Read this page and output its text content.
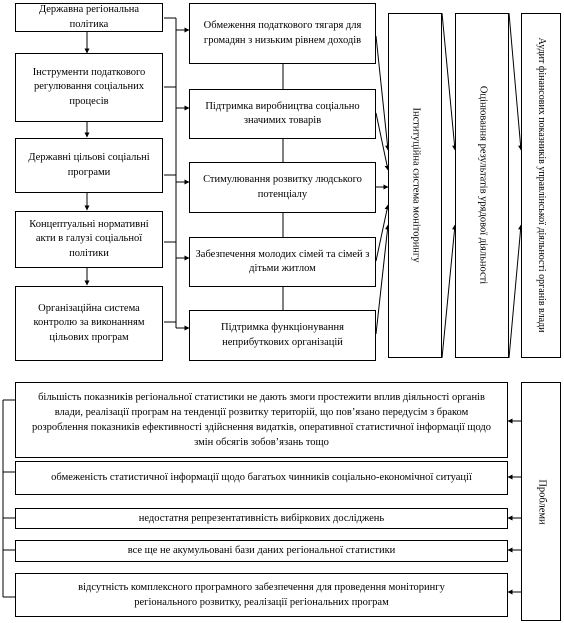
Державна регіональна політика
Інструменти податкового регулювання соціальних процесів
Державні цільові соціальні програми
Концептуальні нормативні акти в галузі соціальної політики
Організаційна система контролю за виконанням цільових програм
Обмеження податкового тягаря для громадян з низьким рівнем доходів
Підтримка виробництва соціально значимих товарів
Стимулювання розвитку людського потенціалу
Забезпечення молодих сімей та сімей з дітьми житлом
Підтримка функціонування неприбуткових організацій
Інституційна система моніторингу	Оцінювання результатів урядової діяльності	Аудит фінансових показників управлінської діяльності органів влади
Проблеми
більшість показників регіональної статистики не дають змоги простежити вплив діяльності органів влади, реалізації програм на тенденції розвитку територій, що пов’язано передусім з браком розроблення показників ефективності здійснення видатків, оперативної статистичної інформації щодо змін обсягів зобов’язань тощо
обмеженість статистичної інформації щодо багатьох чинників соціально-економічної ситуації
недостатня репрезентативність вибіркових досліджень
все ще не акумульовані бази даних регіональної статистики
відсутність комплексного програмного забезпечення для проведення моніторингу регіонального розвитку, реалізації регіональних програм
